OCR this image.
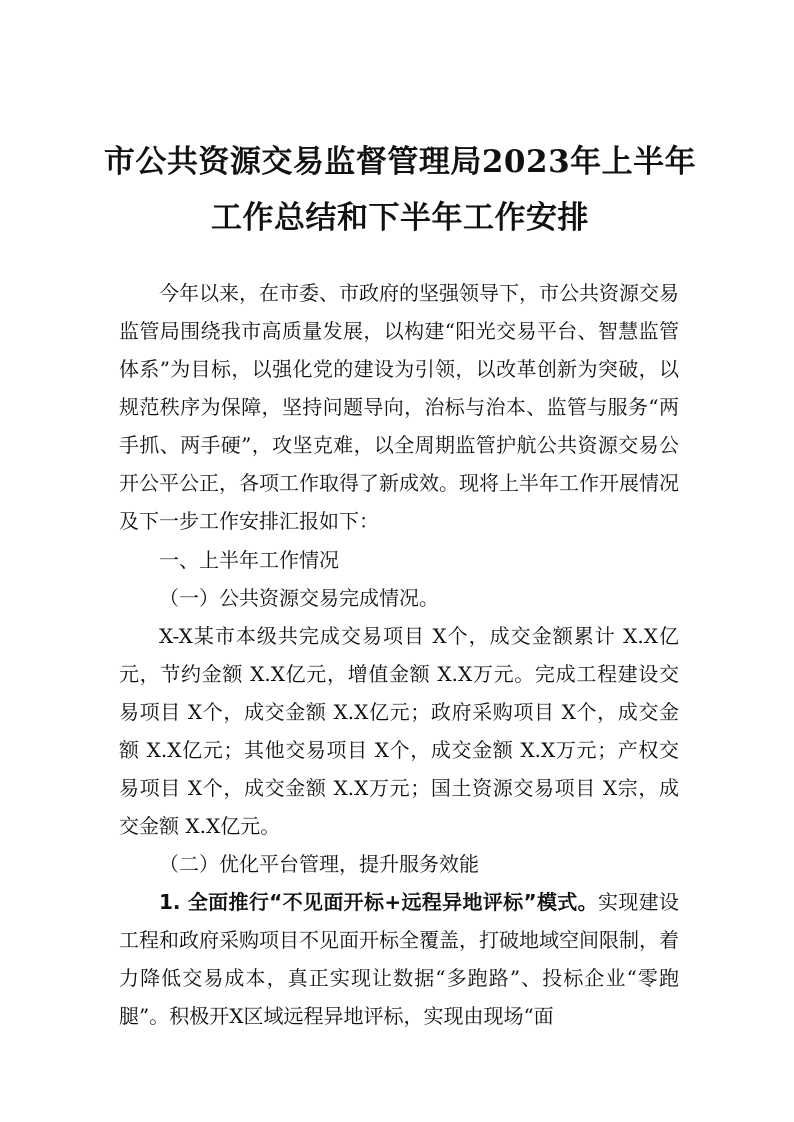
市公共资源交易监督管理局2023年上半年
工作总结和下半年工作安排

今年以来，在市委、市政府的坚强领导下，市公共资源交易监管局围绕我市高质量发展，以构建“阳光交易平台、智慧监管体系”为目标，以强化党的建设为引领，以改革创新为突破，以规范秩序为保障，坚持问题导向，治标与治本、监管与服务“两手抓、两手硬”，攻坚克难，以全周期监管护航公共资源交易公开公平公正，各项工作取得了新成效。现将上半年工作开展情况及下一步工作安排汇报如下：

一、上半年工作情况

（一）公共资源交易完成情况。

X-X某市本级共完成交易项目 X个，成交金额累计 X.X亿元，节约金额 X.X亿元，增值金额 X.X万元。完成工程建设交易项目 X个，成交金额 X.X亿元；政府采购项目 X个，成交金额 X.X亿元；其他交易项目 X个，成交金额 X.X万元；产权交易项目 X个，成交金额 X.X万元；国土资源交易项目 X宗，成交金额 X.X亿元。

（二）优化平台管理，提升服务效能

1. 全面推行“不见面开标+远程异地评标”模式。实现建设工程和政府采购项目不见面开标全覆盖，打破地域空间限制，着力降低交易成本，真正实现让数据“多跑路”、投标企业“零跑腿”。积极开X区域远程异地评标，实现由现场“面
